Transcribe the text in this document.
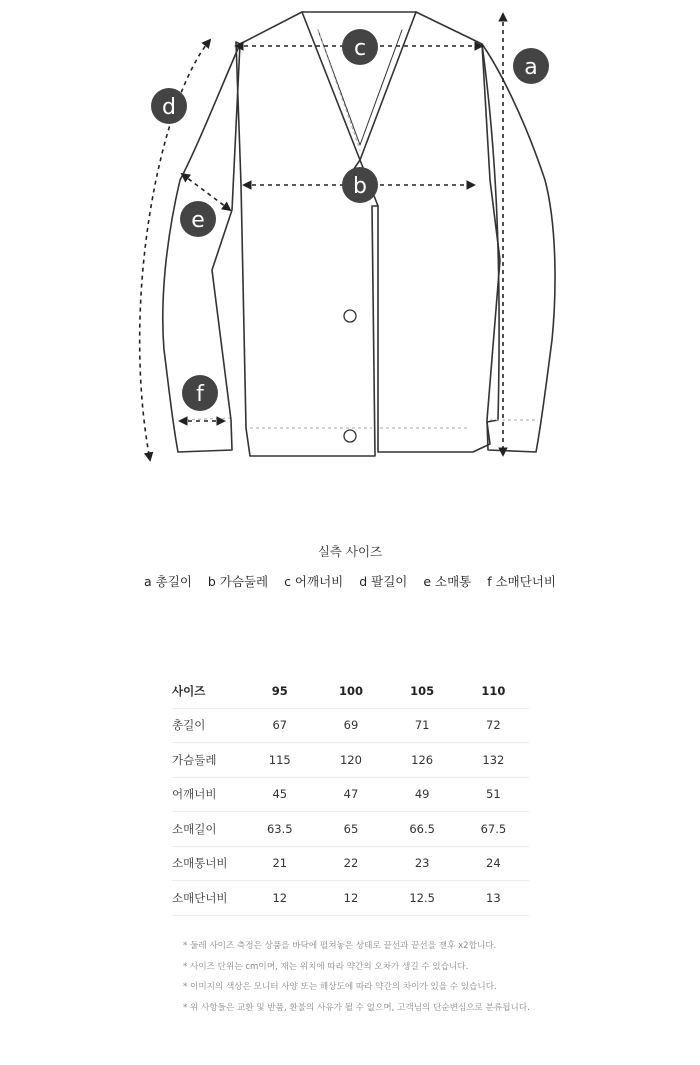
a
b
c
d
e
f
실측 사이즈
a 총길이 b 가슴둘레 c 어깨너비 d 팔길이 e 소매통 f 소매단너비
사이즈	95	100	105	110
총길이	67	69	71	72
가슴둘레	115	120	126	132
어깨너비	45	47	49	51
소매길이	63.5	65	66.5	67.5
소매통너비	21	22	23	24
소매단너비	12	12	12.5	13
* 둘레 사이즈 측정은 상품을 바닥에 펼쳐놓은 상태로 끝선과 끝선을 잰후 x2합니다.
* 사이즈 단위는 cm이며, 재는 위치에 따라 약간의 오차가 생길 수 있습니다.
* 이미지의 색상은 모니터 사양 또는 해상도에 따라 약간의 차이가 있을 수 있습니다.
* 위 사항들은 교환 및 반품, 환불의 사유가 될 수 없으며, 고객님의 단순변심으로 분류됩니다.
